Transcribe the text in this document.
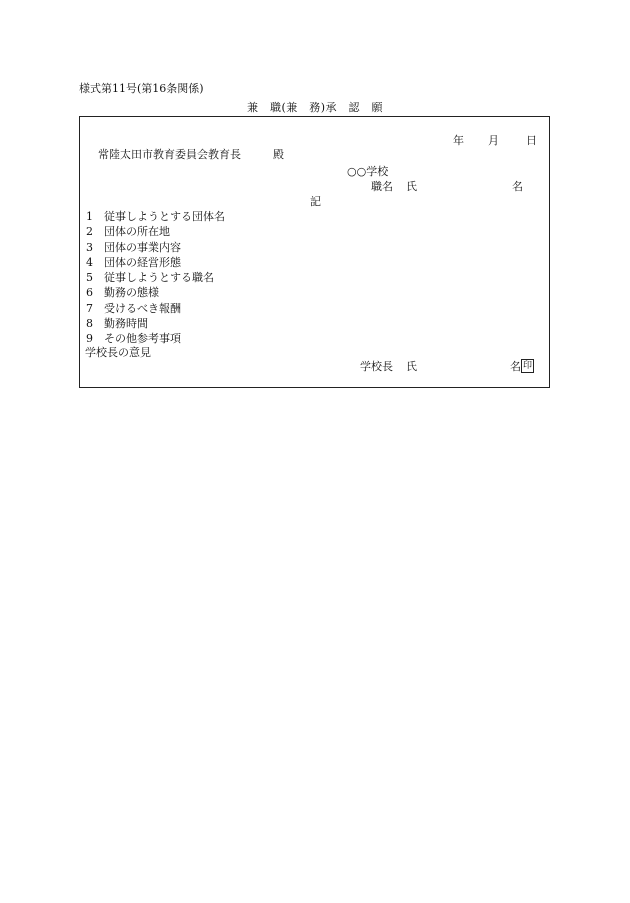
様式第11号(第16条関係)
兼　職(兼　務)承　認　願
年 月 日
常陸太田市教育委員会教育長	殿
○○学校
職名 氏	名
記
1 従事しようとする団体名
2 団体の所在地
3 団体の事業内容
4 団体の経営形態
5 従事しようとする職名
6 勤務の態様
7 受けるべき報酬
8 勤務時間
9 その他参考事項
学校長の意見
学校長 氏	名 印
